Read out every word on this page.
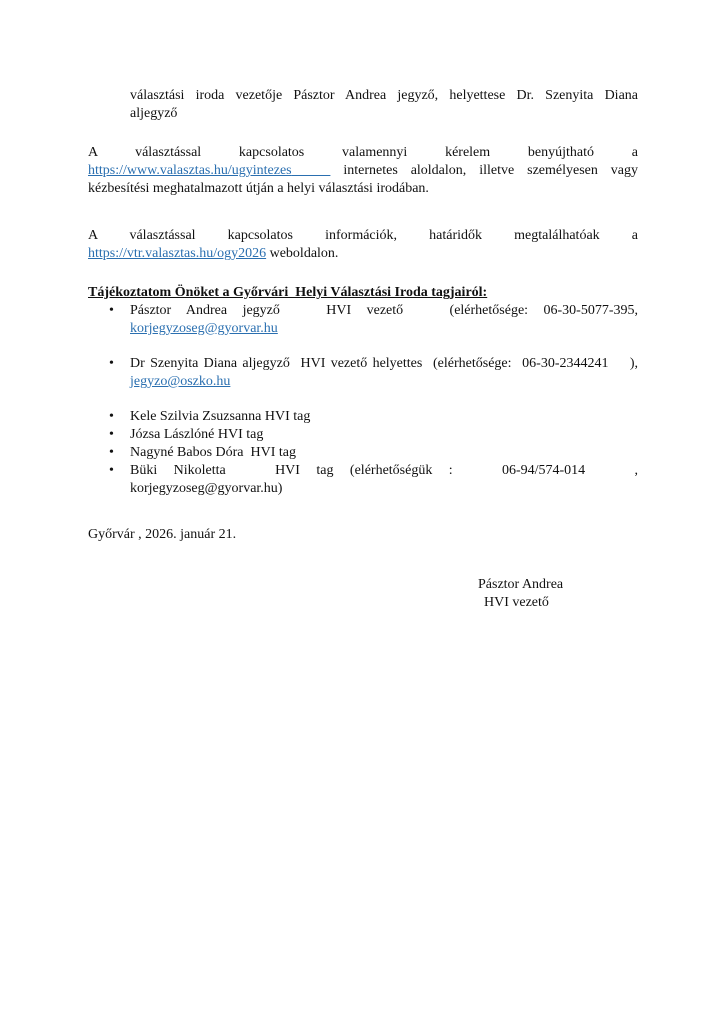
választási iroda vezetője Pásztor Andrea jegyző, helyettese Dr. Szenyita Diana
aljegyző
A választással kapcsolatos valamennyi kérelem benyújtható a
https://www.valasztas.hu/ugyintezes	internetes aloldalon, illetve személyesen vagy
kézbesítési meghatalmazott útján a helyi választási irodában.
A választással kapcsolatos információk, határidők megtalálhatóak a
https://vtr.valasztas.hu/ogy2026 weboldalon.
Tájékoztatom Önöket a Győrvári  Helyi Választási Iroda tagjairól:
• Pásztor Andrea jegyző   HVI vezető   (elérhetősége: 06-30-5077-395,
korjegyzoseg@gyorvar.hu
• Dr Szenyita Diana aljegyző  HVI vezető helyettes  (elérhetősége:  06-30-2344241    ),
jegyzo@oszko.hu
• Kele Szilvia Zsuzsanna HVI tag
• Józsa Lászlóné HVI tag
• Nagyné Babos Dóra  HVI tag
• Büki Nikoletta   HVI tag (elérhetőségük :   06-94/574-014   ,
korjegyzoseg@gyorvar.hu)
Győrvár , 2026. január 21.
Pásztor Andrea
HVI vezető
